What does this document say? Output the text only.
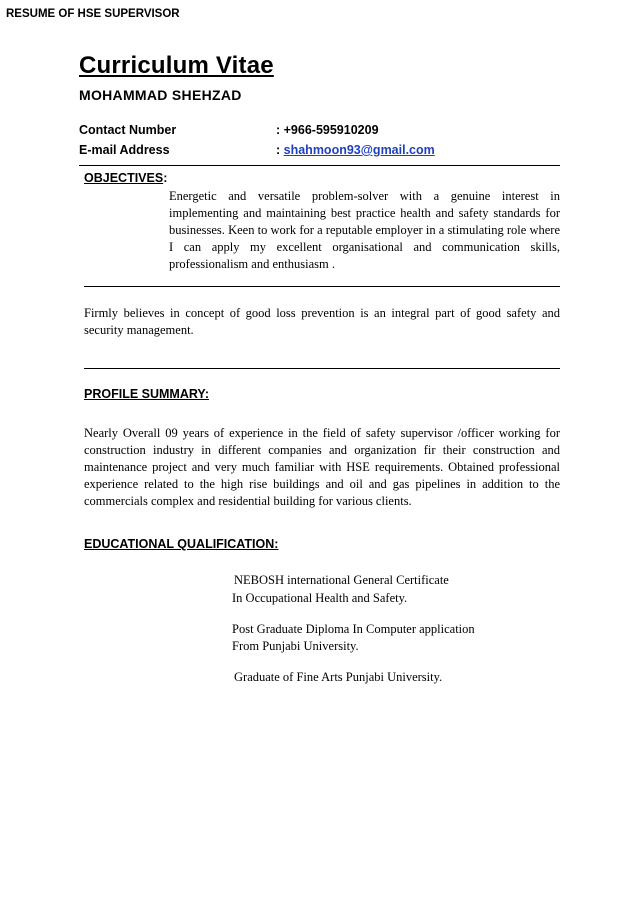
RESUME OF HSE SUPERVISOR
Curriculum Vitae
MOHAMMAD SHEHZAD
Contact Number	: +966-595910209
E-mail Address	: shahmoon93@gmail.com
OBJECTIVES:
Energetic and versatile problem-solver with a genuine interest in implementing and maintaining best practice health and safety standards for businesses. Keen to work for a reputable employer in a stimulating role where I can apply my excellent organisational and communication skills, professionalism and enthusiasm .
Firmly believes in concept of good loss prevention is an integral part of good safety and security management.
PROFILE SUMMARY:
Nearly Overall 09 years of experience in the field of safety supervisor /officer working for construction industry in different companies and organization fir their construction and maintenance project and very much familiar with HSE requirements. Obtained professional experience related to the high rise buildings and oil and gas pipelines in addition to the commercials complex and residential building for various clients.
EDUCATIONAL QUALIFICATION:
NEBOSH international General Certificate
In Occupational Health and Safety.
Post Graduate Diploma In Computer application
From Punjabi University.
Graduate of Fine Arts Punjabi University.
